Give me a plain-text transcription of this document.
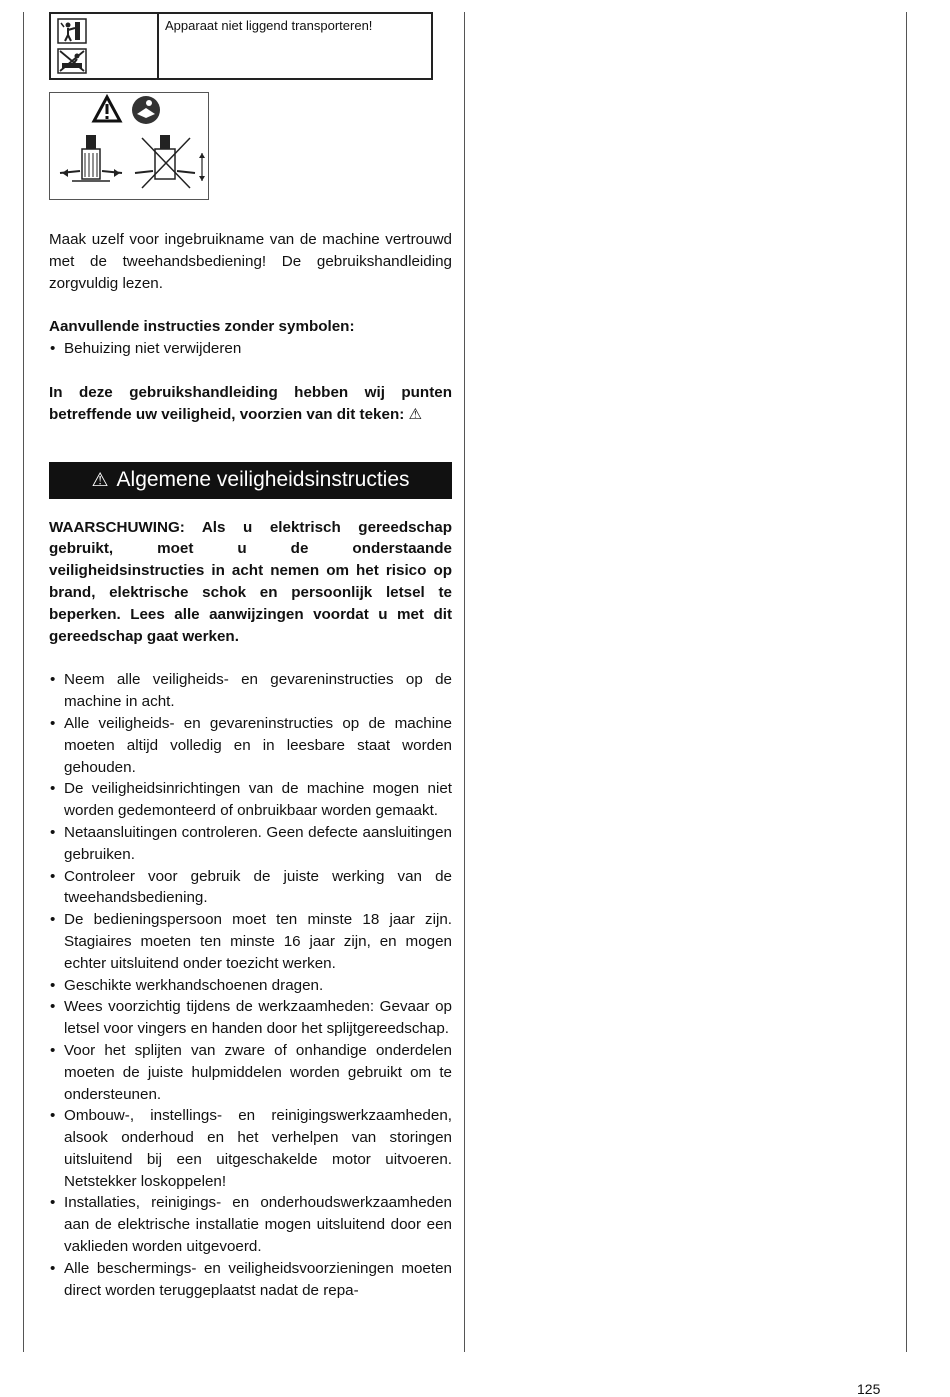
Apparaat niet liggend transporteren!

Maak uzelf voor ingebruikname van de machine vertrouwd met de tweehandsbediening! De gebruikshandleiding zorgvuldig lezen.

Aanvullende instructies zonder symbolen:

• Behuizing niet verwijderen

In deze gebruikshandleiding hebben wij punten betreffende uw veiligheid, voorzien van dit teken: ⚠

⚠ Algemene veiligheidsinstructies

WAARSCHUWING: Als u elektrisch gereedschap gebruikt, moet u de onderstaande veiligheidsinstructies in acht nemen om het risico op brand, elektrische schok en persoonlijk letsel te beperken. Lees alle aanwijzingen voordat u met dit gereedschap gaat werken.

• Neem alle veiligheids- en gevareninstructies op de machine in acht.
• Alle veiligheids- en gevareninstructies op de machine moeten altijd volledig en in leesbare staat worden gehouden.
• De veiligheidsinrichtingen van de machine mogen niet worden gedemonteerd of onbruikbaar worden gemaakt.
• Netaansluitingen controleren. Geen defecte aansluitingen gebruiken.
• Controleer voor gebruik de juiste werking van de tweehandsbediening.
• De bedieningspersoon moet ten minste 18 jaar zijn. Stagiaires moeten ten minste 16 jaar zijn, en mogen echter uitsluitend onder toezicht werken.
• Geschikte werkhandschoenen dragen.
• Wees voorzichtig tijdens de werkzaamheden: Gevaar op letsel voor vingers en handen door het splijtgereedschap.
• Voor het splijten van zware of onhandige onderdelen moeten de juiste hulpmiddelen worden gebruikt om te ondersteunen.
• Ombouw-, instellings- en reinigingswerkzaamheden, alsook onderhoud en het verhelpen van storingen uitsluitend bij een uitgeschakelde motor uitvoeren. Netstekker loskoppelen!
• Installaties, reinigings- en onderhoudswerkzaamheden aan de elektrische installatie mogen uitsluitend door een vaklieden worden uitgevoerd.
• Alle beschermings- en veiligheidsvoorzieningen moeten direct worden teruggeplaatst nadat de repa-
125
